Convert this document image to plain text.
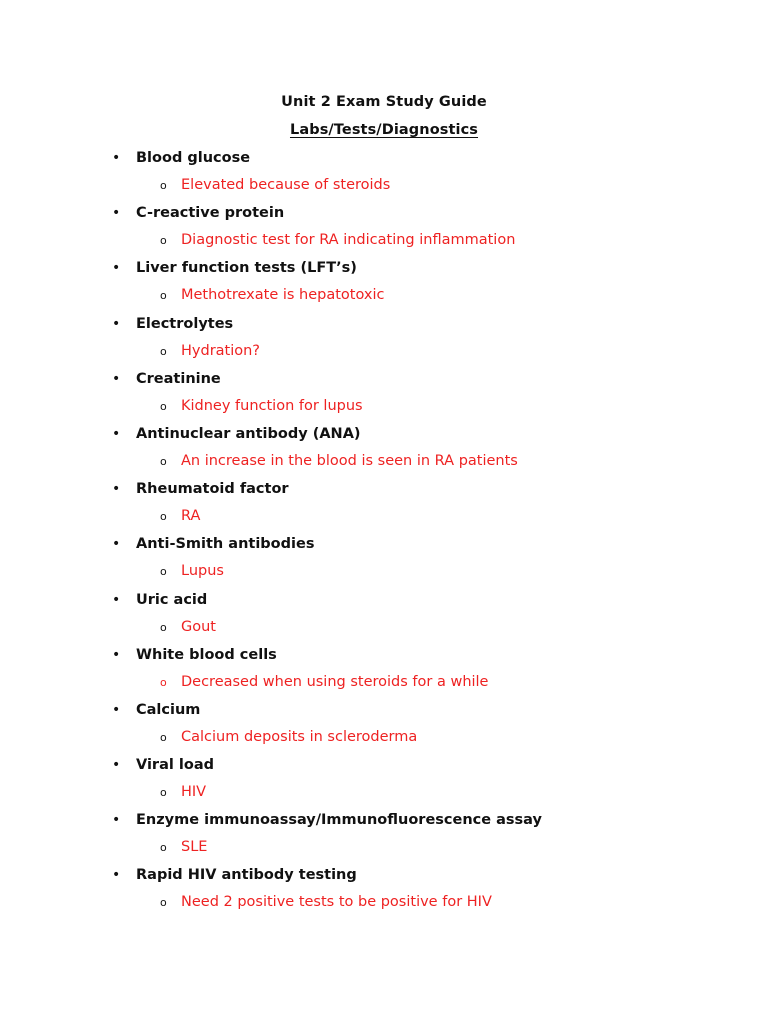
Unit 2 Exam Study Guide
Labs/Tests/Diagnostics
• Blood glucose
o Elevated because of steroids
• C-reactive protein
o Diagnostic test for RA indicating inflammation
• Liver function tests (LFT’s)
o Methotrexate is hepatotoxic
• Electrolytes
o Hydration?
• Creatinine
o Kidney function for lupus
• Antinuclear antibody (ANA)
o An increase in the blood is seen in RA patients
• Rheumatoid factor
o RA
• Anti-Smith antibodies
o Lupus
• Uric acid
o Gout
• White blood cells
o Decreased when using steroids for a while
• Calcium
o Calcium deposits in scleroderma
• Viral load
o HIV
• Enzyme immunoassay/Immunofluorescence assay
o SLE
• Rapid HIV antibody testing
o Need 2 positive tests to be positive for HIV
